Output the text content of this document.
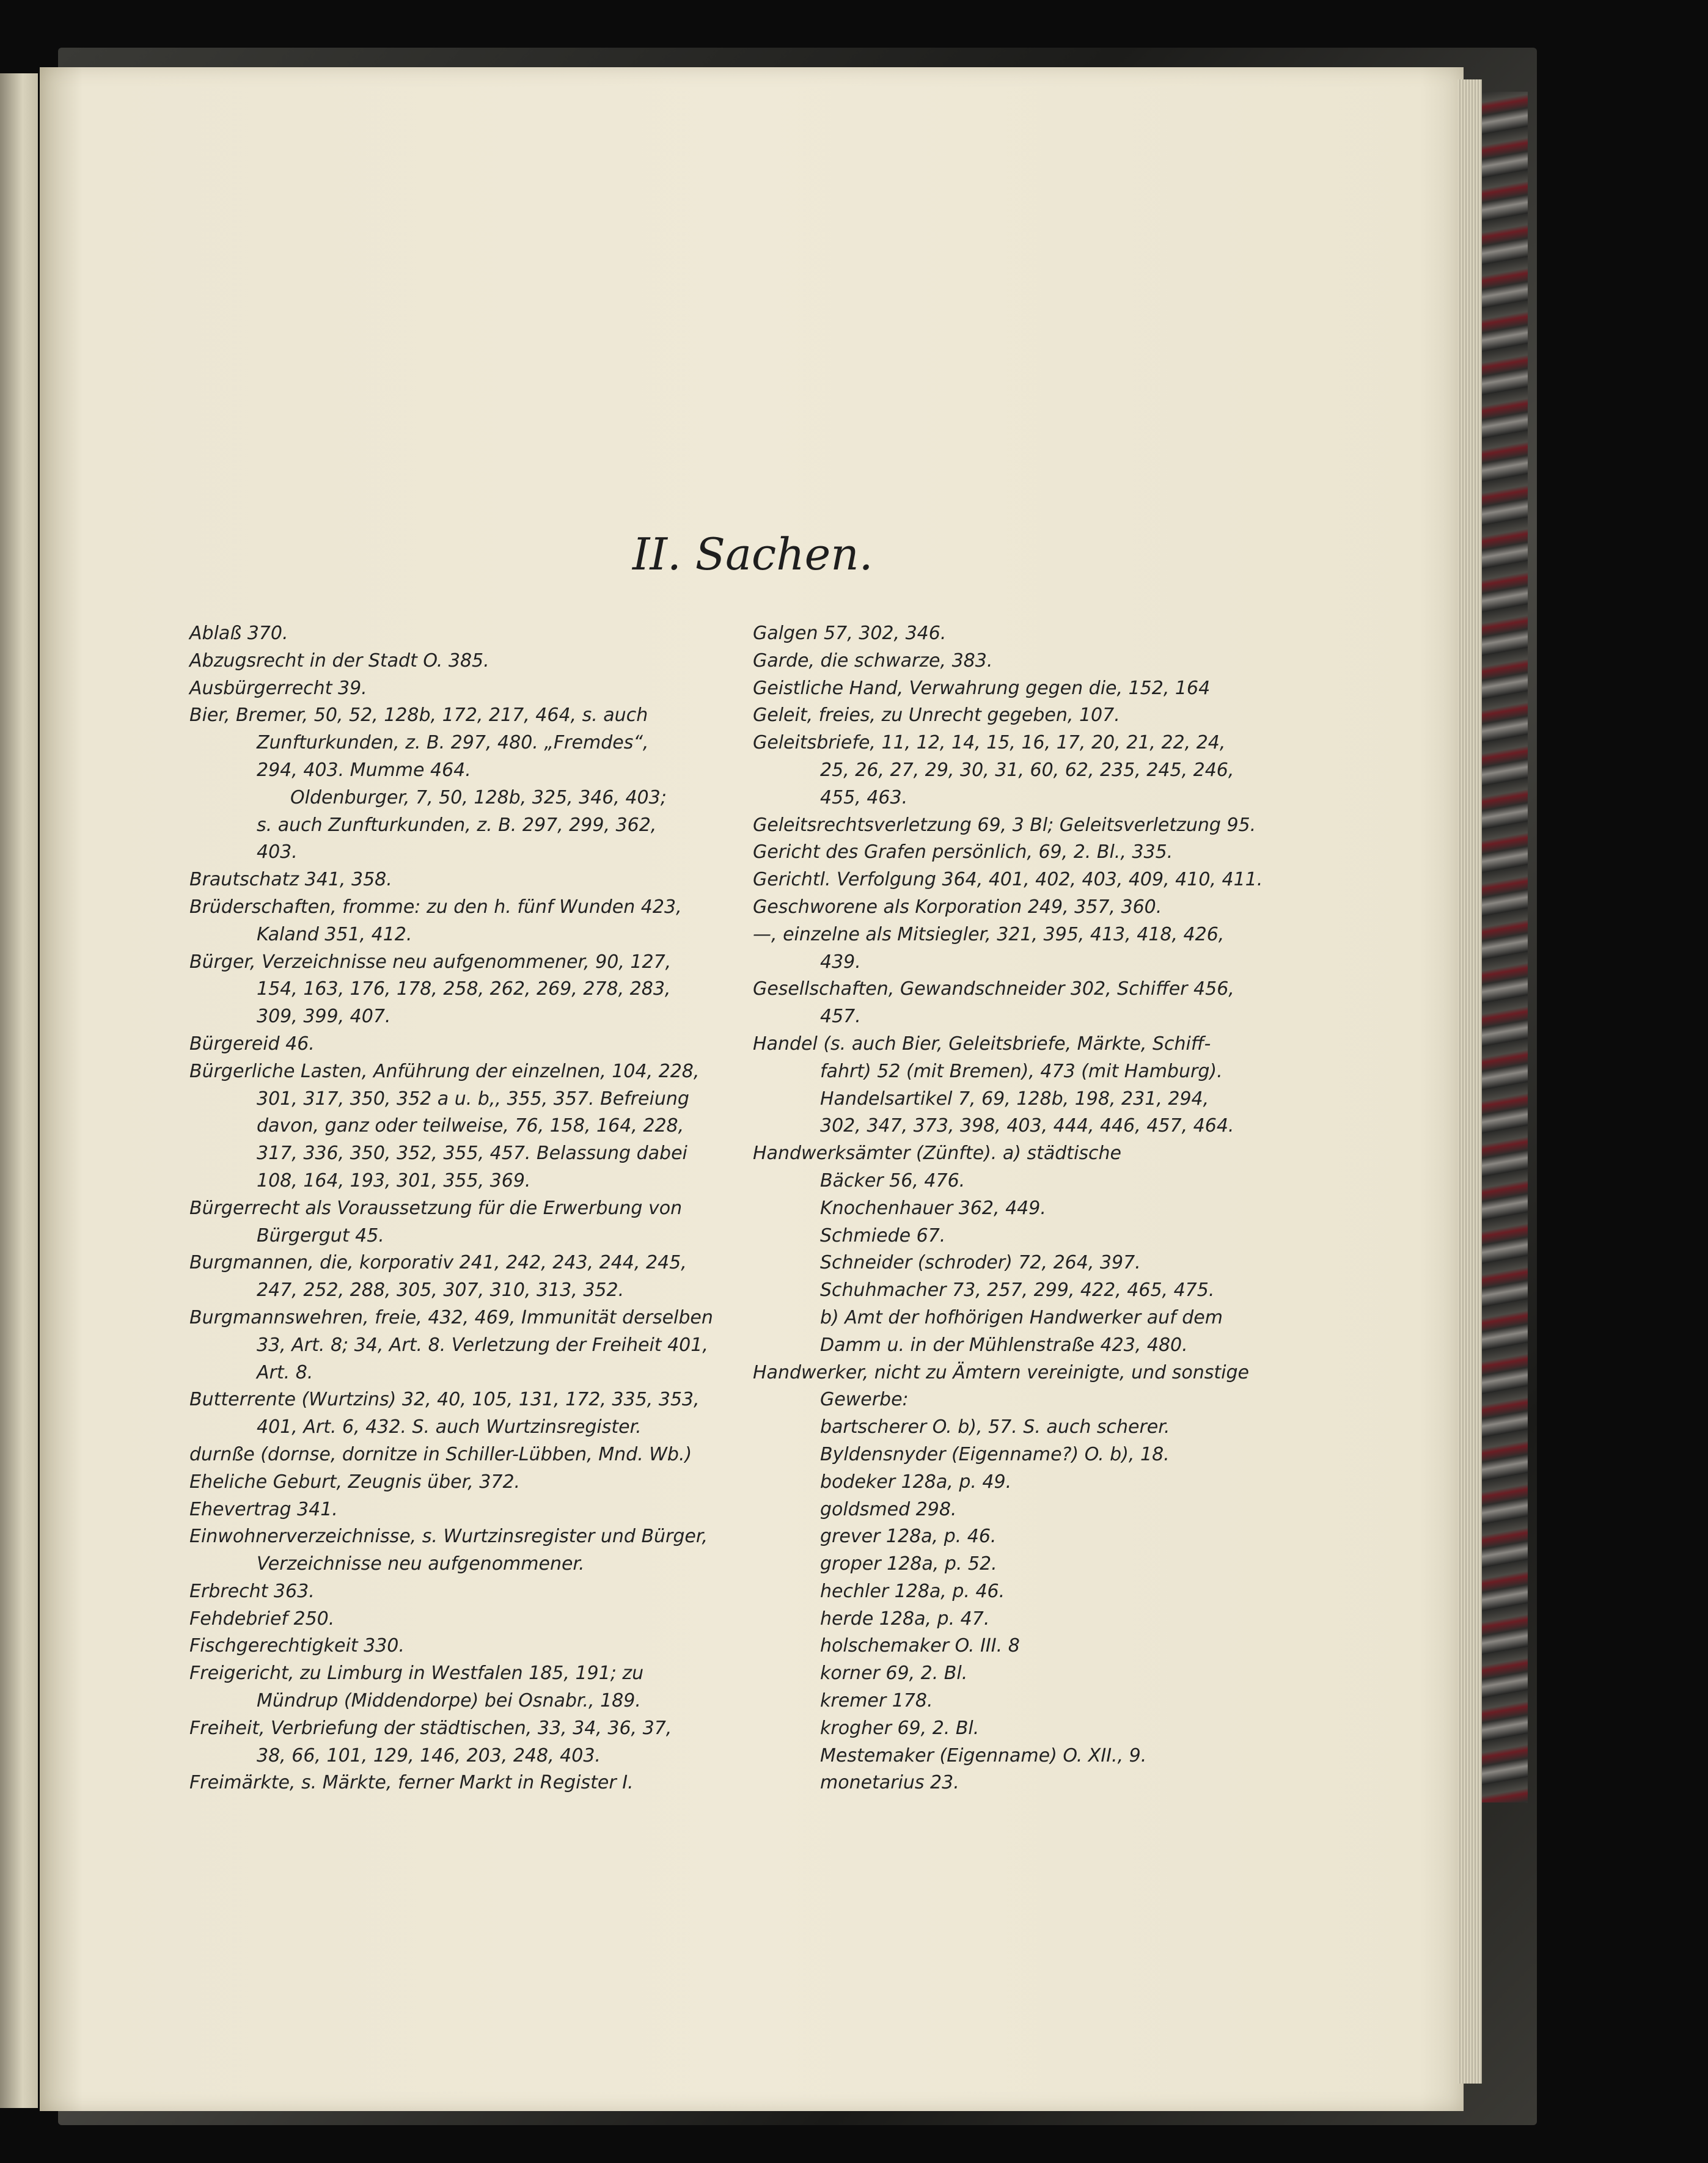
II. Sachen.
Ablaß 370.
Abzugsrecht in der Stadt O. 385.
Ausbürgerrecht 39.
Bier, Bremer, 50, 52, 128b, 172, 217, 464, s. auch
Zunfturkunden, z. B. 297, 480. „Fremdes“,
294, 403. Mumme 464.
Oldenburger, 7, 50, 128b, 325, 346, 403;
s. auch Zunfturkunden, z. B. 297, 299, 362,
403.
Brautschatz 341, 358.
Brüderschaften, fromme: zu den h. fünf Wunden 423,
Kaland 351, 412.
Bürger, Verzeichnisse neu aufgenommener, 90, 127,
154, 163, 176, 178, 258, 262, 269, 278, 283,
309, 399, 407.
Bürgereid 46.
Bürgerliche Lasten, Anführung der einzelnen, 104, 228,
301, 317, 350, 352 a u. b,, 355, 357. Befreiung
davon, ganz oder teilweise, 76, 158, 164, 228,
317, 336, 350, 352, 355, 457. Belassung dabei
108, 164, 193, 301, 355, 369.
Bürgerrecht als Voraussetzung für die Erwerbung von
Bürgergut 45.
Burgmannen, die, korporativ 241, 242, 243, 244, 245,
247, 252, 288, 305, 307, 310, 313, 352.
Burgmannswehren, freie, 432, 469, Immunität derselben
33, Art. 8; 34, Art. 8. Verletzung der Freiheit 401,
Art. 8.
Butterrente (Wurtzins) 32, 40, 105, 131, 172, 335, 353,
401, Art. 6, 432. S. auch Wurtzinsregister.
durnße (dornse, dornitze in Schiller-Lübben, Mnd. Wb.)
Eheliche Geburt, Zeugnis über, 372.
Ehevertrag 341.
Einwohnerverzeichnisse, s. Wurtzinsregister und Bürger,
Verzeichnisse neu aufgenommener.
Erbrecht 363.
Fehdebrief 250.
Fischgerechtigkeit 330.
Freigericht, zu Limburg in Westfalen 185, 191; zu
Mündrup (Middendorpe) bei Osnabr., 189.
Freiheit, Verbriefung der städtischen, 33, 34, 36, 37,
38, 66, 101, 129, 146, 203, 248, 403.
Freimärkte, s. Märkte, ferner Markt in Register I.
Galgen 57, 302, 346.
Garde, die schwarze, 383.
Geistliche Hand, Verwahrung gegen die, 152, 164
Geleit, freies, zu Unrecht gegeben, 107.
Geleitsbriefe, 11, 12, 14, 15, 16, 17, 20, 21, 22, 24,
25, 26, 27, 29, 30, 31, 60, 62, 235, 245, 246,
455, 463.
Geleitsrechtsverletzung 69, 3 Bl; Geleitsverletzung 95.
Gericht des Grafen persönlich, 69, 2. Bl., 335.
Gerichtl. Verfolgung 364, 401, 402, 403, 409, 410, 411.
Geschworene als Korporation 249, 357, 360.
—, einzelne als Mitsiegler, 321, 395, 413, 418, 426,
439.
Gesellschaften, Gewandschneider 302, Schiffer 456,
457.
Handel (s. auch Bier, Geleitsbriefe, Märkte, Schiff-
fahrt) 52 (mit Bremen), 473 (mit Hamburg).
Handelsartikel 7, 69, 128b, 198, 231, 294,
302, 347, 373, 398, 403, 444, 446, 457, 464.
Handwerksämter (Zünfte). a) städtische
Bäcker 56, 476.
Knochenhauer 362, 449.
Schmiede 67.
Schneider (schroder) 72, 264, 397.
Schuhmacher 73, 257, 299, 422, 465, 475.
b) Amt der hofhörigen Handwerker auf dem
Damm u. in der Mühlenstraße 423, 480.
Handwerker, nicht zu Ämtern vereinigte, und sonstige
Gewerbe:
bartscherer O. b), 57. S. auch scherer.
Byldensnyder (Eigenname?) O. b), 18.
bodeker 128a, p. 49.
goldsmed 298.
grever 128a, p. 46.
groper 128a, p. 52.
hechler 128a, p. 46.
herde 128a, p. 47.
holschemaker O. III. 8
korner 69, 2. Bl.
kremer 178.
krogher 69, 2. Bl.
Mestemaker (Eigenname) O. XII., 9.
monetarius 23.
